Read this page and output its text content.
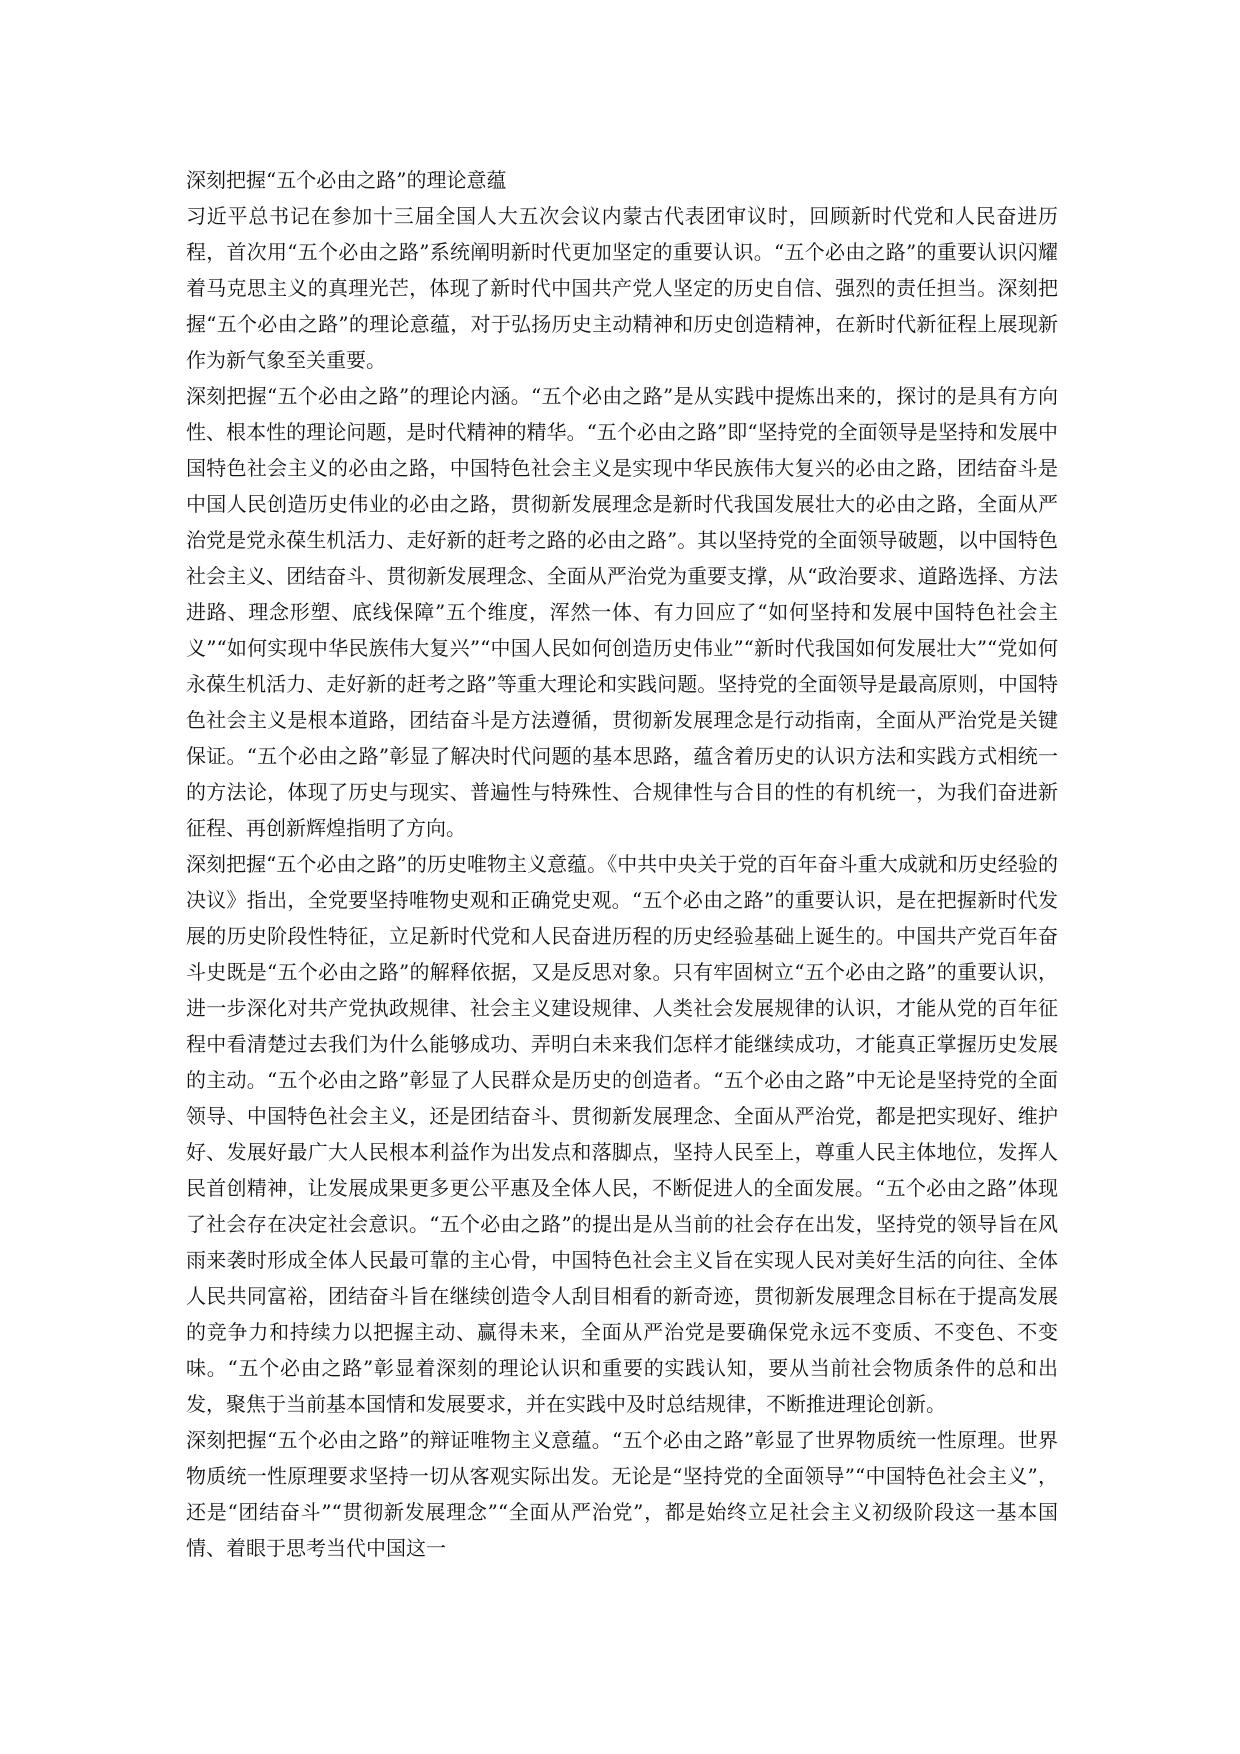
深刻把握“五个必由之路”的理论意蕴

习近平总书记在参加十三届全国人大五次会议内蒙古代表团审议时，回顾新时代党和人民奋进历程，首次用“五个必由之路”系统阐明新时代更加坚定的重要认识。“五个必由之路”的重要认识闪耀着马克思主义的真理光芒，体现了新时代中国共产党人坚定的历史自信、强烈的责任担当。深刻把握“五个必由之路”的理论意蕴，对于弘扬历史主动精神和历史创造精神，在新时代新征程上展现新作为新气象至关重要。

深刻把握“五个必由之路”的理论内涵。“五个必由之路”是从实践中提炼出来的，探讨的是具有方向性、根本性的理论问题，是时代精神的精华。“五个必由之路”即“坚持党的全面领导是坚持和发展中国特色社会主义的必由之路，中国特色社会主义是实现中华民族伟大复兴的必由之路，团结奋斗是中国人民创造历史伟业的必由之路，贯彻新发展理念是新时代我国发展壮大的必由之路，全面从严治党是党永葆生机活力、走好新的赶考之路的必由之路”。其以坚持党的全面领导破题，以中国特色社会主义、团结奋斗、贯彻新发展理念、全面从严治党为重要支撑，从“政治要求、道路选择、方法进路、理念形塑、底线保障”五个维度，浑然一体、有力回应了“如何坚持和发展中国特色社会主义”“如何实现中华民族伟大复兴”“中国人民如何创造历史伟业”“新时代我国如何发展壮大”“党如何永葆生机活力、走好新的赶考之路”等重大理论和实践问题。坚持党的全面领导是最高原则，中国特色社会主义是根本道路，团结奋斗是方法遵循，贯彻新发展理念是行动指南，全面从严治党是关键保证。“五个必由之路”彰显了解决时代问题的基本思路，蕴含着历史的认识方法和实践方式相统一的方法论，体现了历史与现实、普遍性与特殊性、合规律性与合目的性的有机统一，为我们奋进新征程、再创新辉煌指明了方向。

深刻把握“五个必由之路”的历史唯物主义意蕴。《中共中央关于党的百年奋斗重大成就和历史经验的决议》指出，全党要坚持唯物史观和正确党史观。“五个必由之路”的重要认识，是在把握新时代发展的历史阶段性特征，立足新时代党和人民奋进历程的历史经验基础上诞生的。中国共产党百年奋斗史既是“五个必由之路”的解释依据，又是反思对象。只有牢固树立“五个必由之路”的重要认识，进一步深化对共产党执政规律、社会主义建设规律、人类社会发展规律的认识，才能从党的百年征程中看清楚过去我们为什么能够成功、弄明白未来我们怎样才能继续成功，才能真正掌握历史发展的主动。“五个必由之路”彰显了人民群众是历史的创造者。“五个必由之路”中无论是坚持党的全面领导、中国特色社会主义，还是团结奋斗、贯彻新发展理念、全面从严治党，都是把实现好、维护好、发展好最广大人民根本利益作为出发点和落脚点，坚持人民至上，尊重人民主体地位，发挥人民首创精神，让发展成果更多更公平惠及全体人民，不断促进人的全面发展。“五个必由之路”体现了社会存在决定社会意识。“五个必由之路”的提出是从当前的社会存在出发，坚持党的领导旨在风雨来袭时形成全体人民最可靠的主心骨，中国特色社会主义旨在实现人民对美好生活的向往、全体人民共同富裕，团结奋斗旨在继续创造令人刮目相看的新奇迹，贯彻新发展理念目标在于提高发展的竞争力和持续力以把握主动、赢得未来，全面从严治党是要确保党永远不变质、不变色、不变味。“五个必由之路”彰显着深刻的理论认识和重要的实践认知，要从当前社会物质条件的总和出发，聚焦于当前基本国情和发展要求，并在实践中及时总结规律，不断推进理论创新。

深刻把握“五个必由之路”的辩证唯物主义意蕴。“五个必由之路”彰显了世界物质统一性原理。世界物质统一性原理要求坚持一切从客观实际出发。无论是“坚持党的全面领导”“中国特色社会主义”，还是“团结奋斗”“贯彻新发展理念”“全面从严治党”，都是始终立足社会主义初级阶段这一基本国情、着眼于思考当代中国这一
